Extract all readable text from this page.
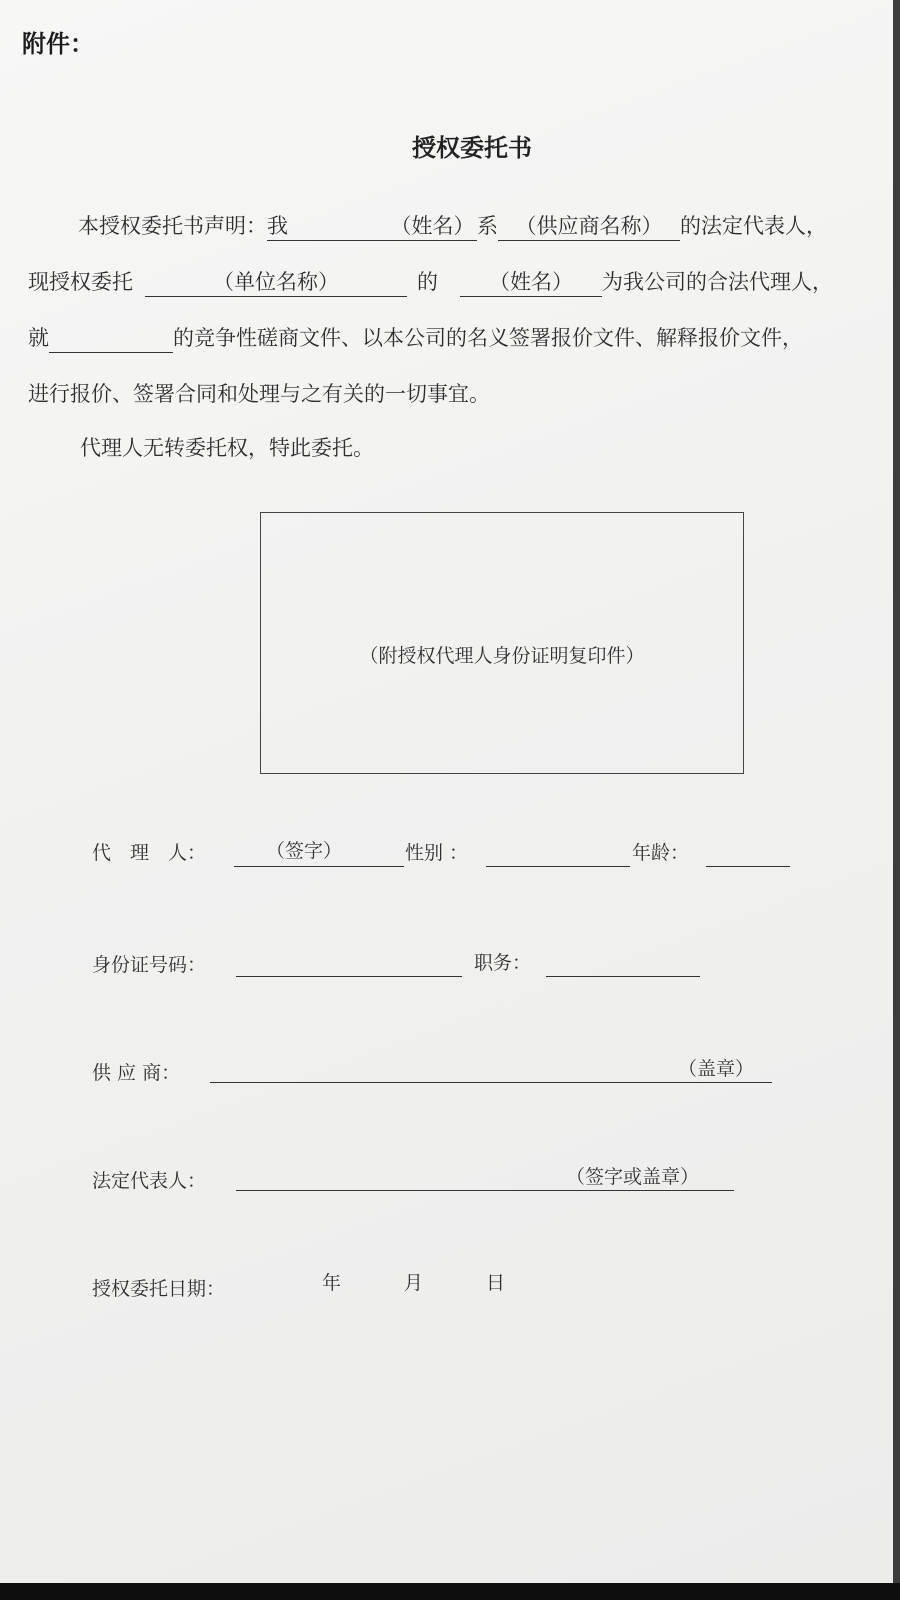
附件：
授权委托书
本授权委托书声明： 我	（姓名） 系 （供应商名称） 的法定代表人，
现授权委托	（单位名称）	的 （姓名） 为我公司的合法代理人，
就	的竞争性磋商文件、以本公司的名义签署报价文件、解释报价文件，
进行报价、签署合同和处理与之有关的一切事宜。
代理人无转委托权，特此委托。
（附授权代理人身份证明复印件）
代　理　人：	（签字）	性别 ：	年龄：
身份证号码：	职务：
供 应 商：	（盖章）
法定代表人：	（签字或盖章）
授权委托日期：	年	月	日
